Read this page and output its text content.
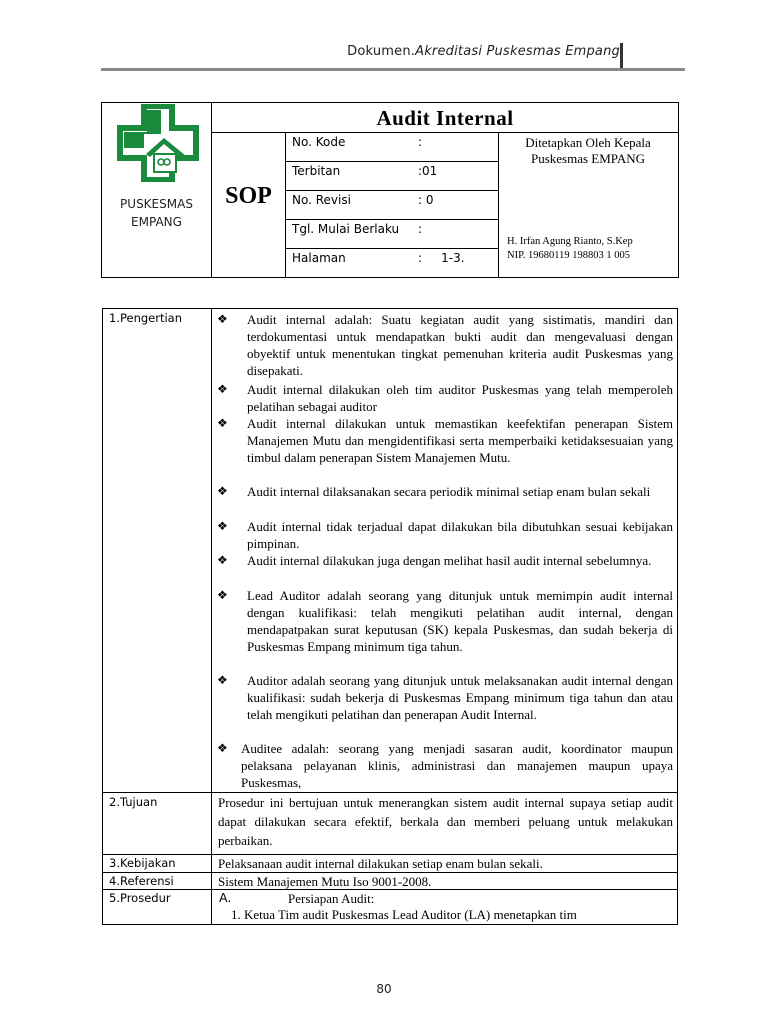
Dokumen.Akreditasi Puskesmas Empang
PUSKESMAS
EMPANG
Audit Internal
SOP
No. Kode	:
Terbitan	:01
No. Revisi	: 0
Tgl. Mulai Berlaku :
Halaman	:     1-3.
Ditetapkan Oleh Kepala
Puskesmas EMPANG
H. Irfan Agung Rianto, S.Kep
NIP. 19680119 198803 1 005
1.Pengertian	❖ Audit internal adalah: Suatu kegiatan audit yang sistimatis, mandiri dan terdokumentasi untuk mendapatkan bukti audit dan mengevaluasi dengan obyektif untuk menentukan tingkat pemenuhan kriteria audit Puskesmas yang disepakati.
❖ Audit internal dilakukan oleh tim auditor Puskesmas yang telah memperoleh pelatihan sebagai auditor
❖ Audit internal dilakukan untuk memastikan keefektifan penerapan Sistem Manajemen Mutu dan mengidentifikasi serta memperbaiki ketidaksesuaian yang timbul dalam penerapan Sistem Manajemen Mutu.
❖ Audit internal dilaksanakan secara periodik minimal setiap enam bulan sekali
❖ Audit internal tidak terjadual dapat dilakukan bila dibutuhkan sesuai kebijakan pimpinan.
❖ Audit internal dilakukan juga dengan melihat hasil audit internal sebelumnya.
❖ Lead Auditor adalah seorang yang ditunjuk untuk memimpin audit internal dengan kualifikasi: telah mengikuti pelatihan audit internal, dengan mendapatpakan surat keputusan (SK) kepala Puskesmas, dan sudah bekerja di Puskesmas Empang minimum tiga tahun.
❖ Auditor adalah seorang yang ditunjuk untuk melaksanakan audit internal dengan kualifikasi: sudah bekerja di Puskesmas Empang minimum tiga tahun dan atau telah mengikuti pelatihan dan penerapan Audit Internal.
❖ Auditee adalah: seorang yang menjadi sasaran audit, koordinator maupun pelaksana pelayanan klinis, administrasi dan manajemen maupun upaya Puskesmas,
2.Tujuan	Prosedur ini bertujuan untuk menerangkan sistem audit internal supaya setiap audit dapat dilakukan secara efektif, berkala dan memberi peluang untuk melakukan perbaikan.
3.Kebijakan	Pelaksanaan audit internal dilakukan setiap enam bulan sekali.
4.Referensi	Sistem Manajemen Mutu Iso 9001-2008.
5.Prosedur	A.	Persiapan Audit:
1. Ketua Tim audit Puskesmas Lead Auditor (LA) menetapkan tim
80
